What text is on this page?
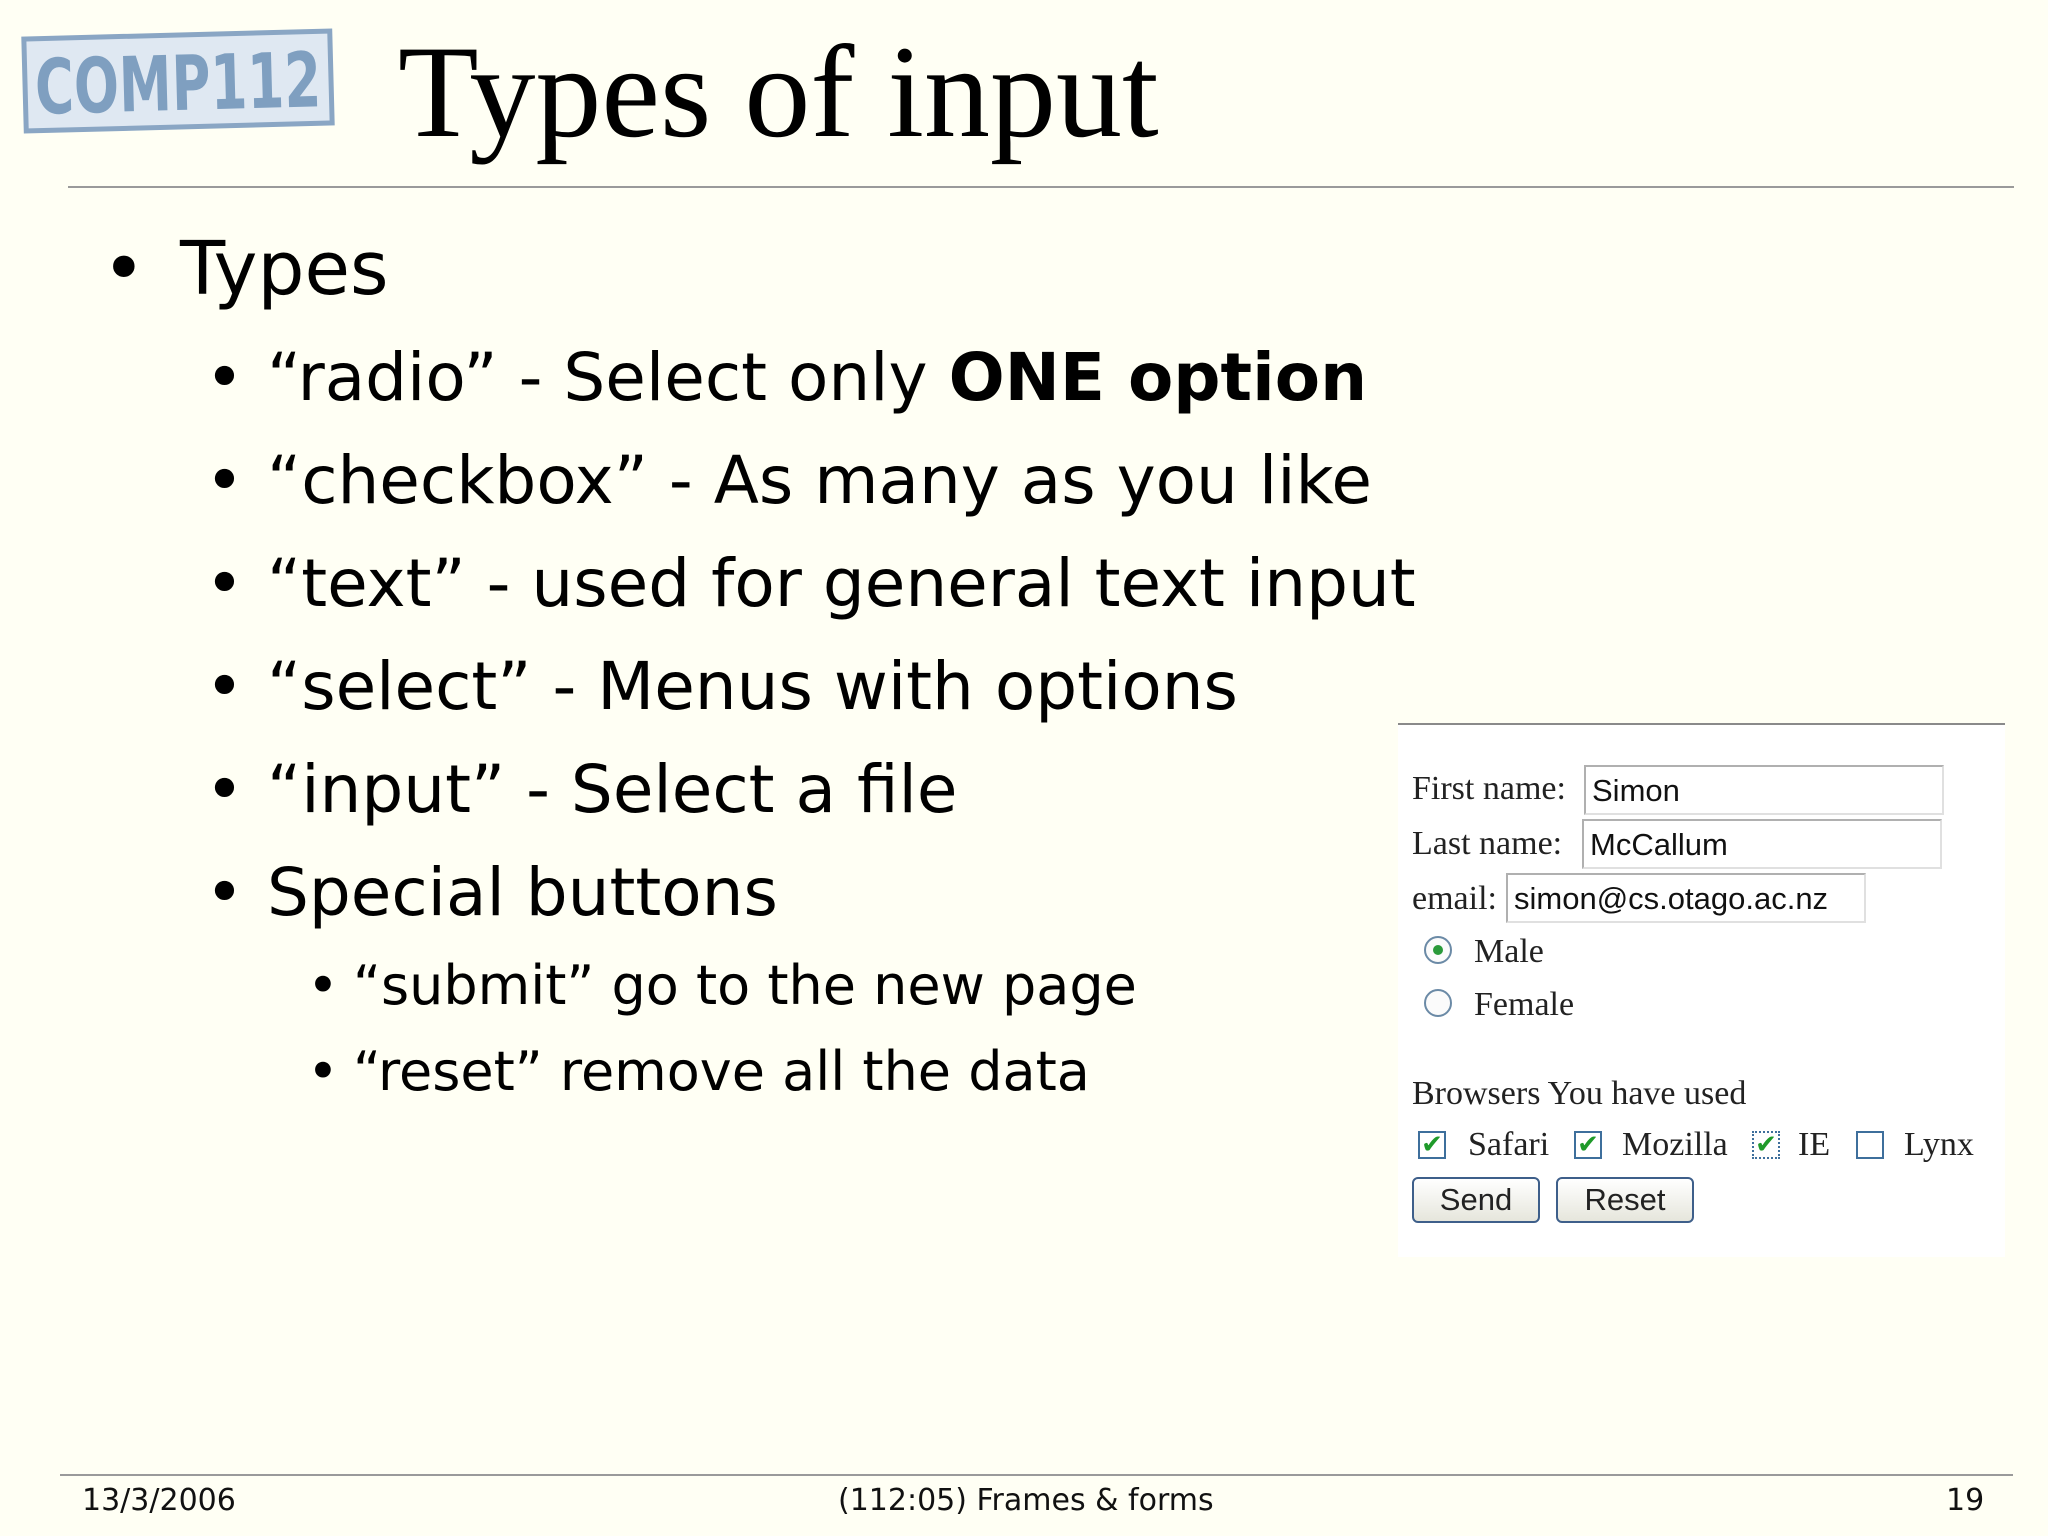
COMP112
Types of input
• Types
• “radio” - Select only ONE option
• “checkbox” - As many as you like
• “text” - used for general text input
• “select” - Menus with options
• “input” - Select a file
• Special buttons
• “submit” go to the new page
• “reset” remove all the data
First name: Simon
Last name: McCallum
email: simon@cs.otago.ac.nz
Male
Female
Browsers You have used
✔ Safari ✔ Mozilla ✔ IE Lynx
Send	Reset
13/3/2006	(112:05) Frames & forms	19
